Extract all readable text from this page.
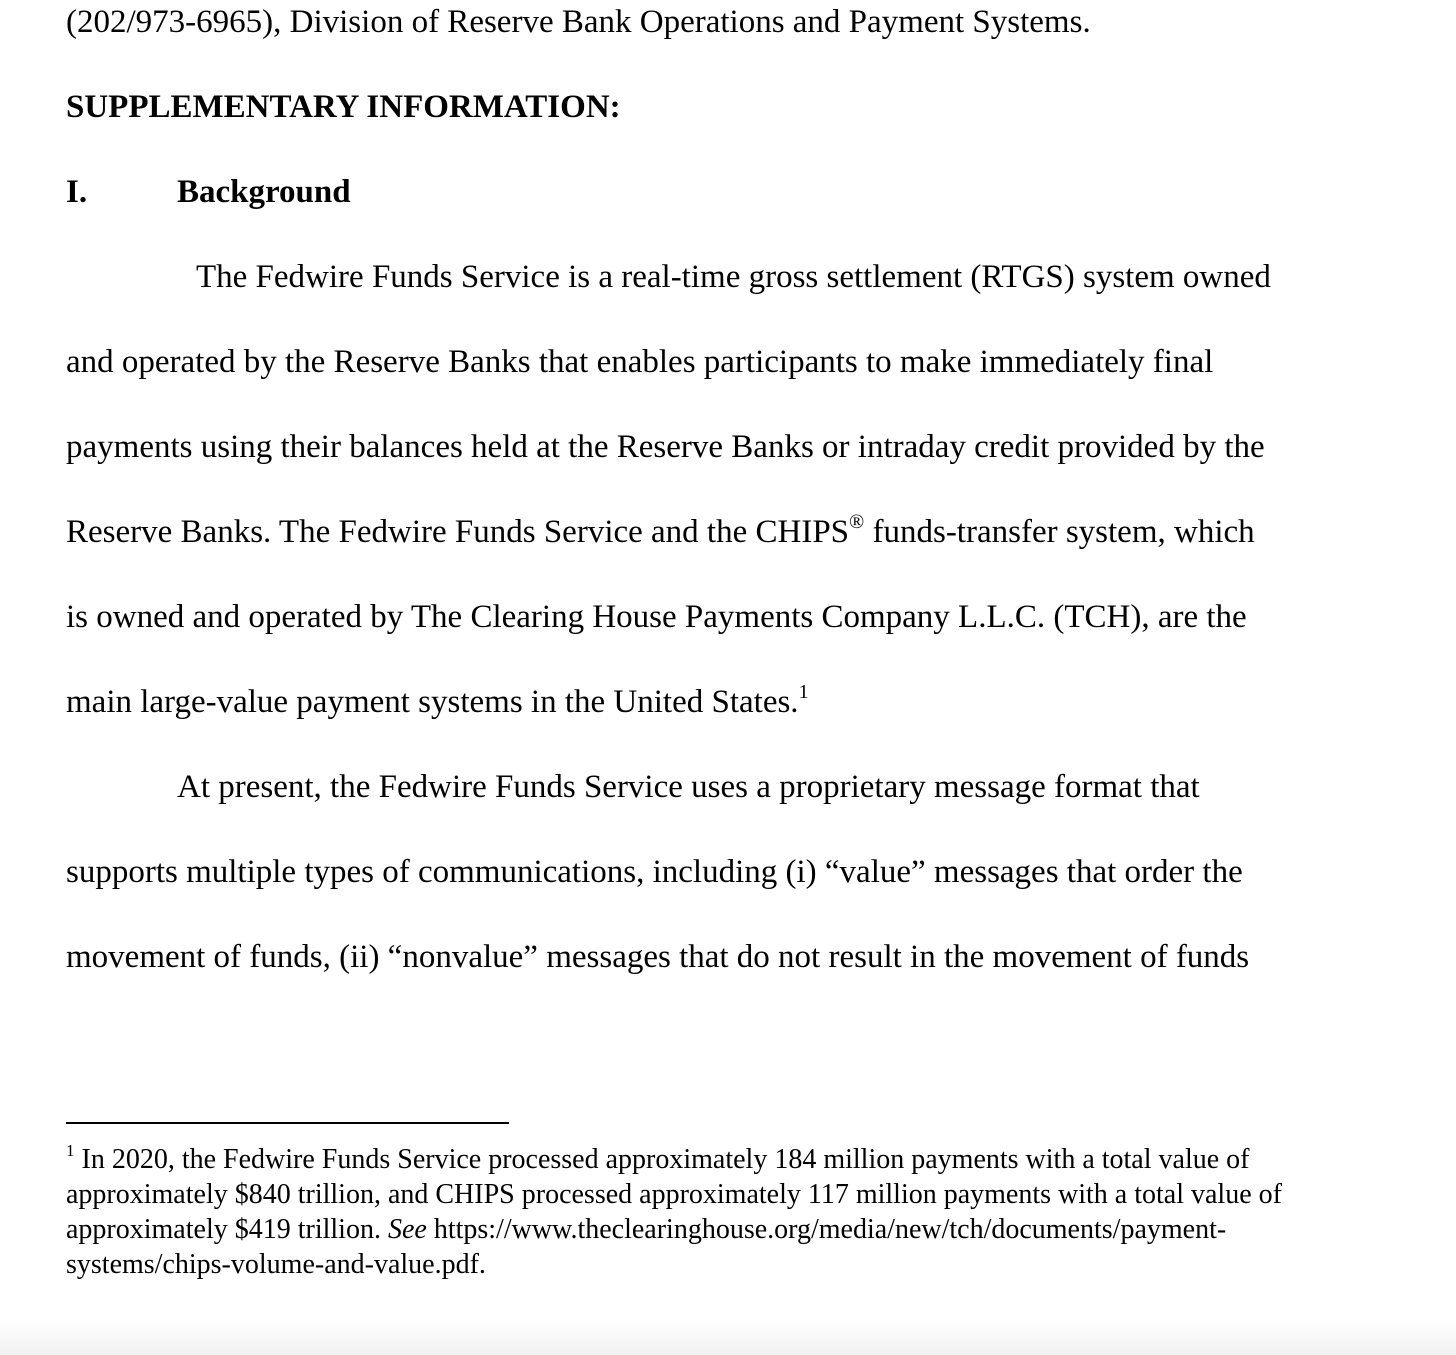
(202/973-6965), Division of Reserve Bank Operations and Payment Systems.
SUPPLEMENTARY INFORMATION:
I.	Background
The Fedwire Funds Service is a real-time gross settlement (RTGS) system owned
and operated by the Reserve Banks that enables participants to make immediately final
payments using their balances held at the Reserve Banks or intraday credit provided by the
Reserve Banks. The Fedwire Funds Service and the CHIPS® funds-transfer system, which
is owned and operated by The Clearing House Payments Company L.L.C. (TCH), are the
main large-value payment systems in the United States.$^1$
At present, the Fedwire Funds Service uses a proprietary message format that
supports multiple types of communications, including (i) “value” messages that order the
movement of funds, (ii) “nonvalue” messages that do not result in the movement of funds
$^1$ In 2020, the Fedwire Funds Service processed approximately 184 million payments with a total value of
approximately $840 trillion, and CHIPS processed approximately 117 million payments with a total value of
approximately $419 trillion. See https://www.theclearinghouse.org/media/new/tch/documents/payment-
systems/chips-volume-and-value.pdf.
